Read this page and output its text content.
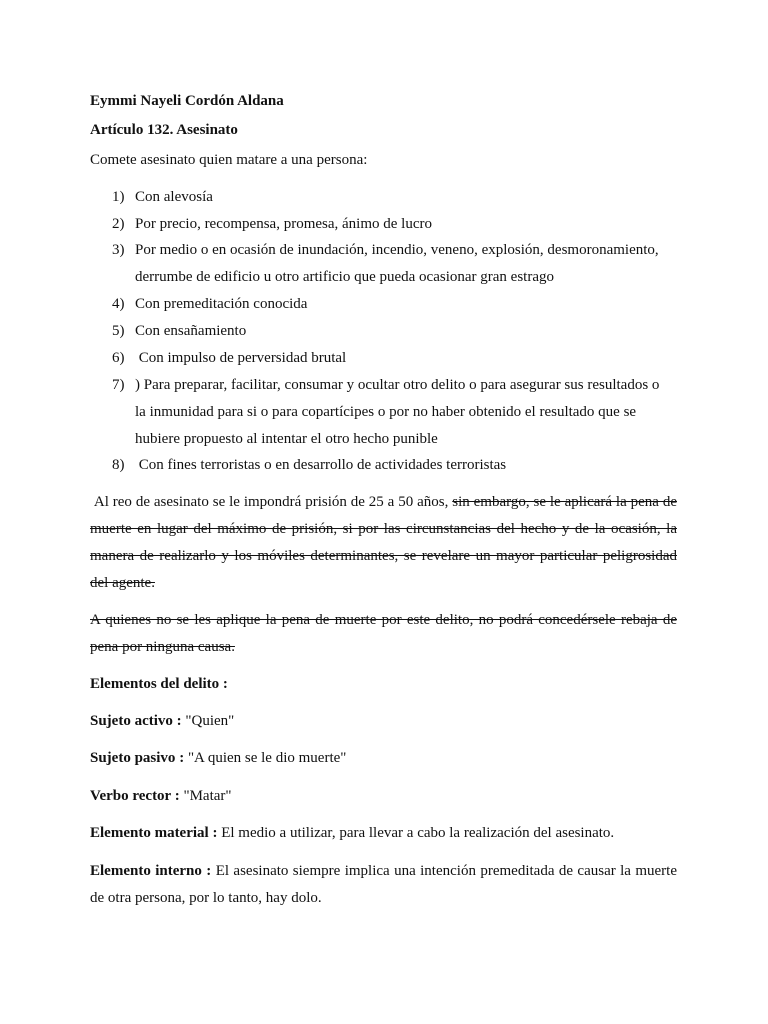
Eymmi Nayeli Cordón Aldana
Artículo 132. Asesinato
Comete asesinato quien matare a una persona:
1) Con alevosía
2) Por precio, recompensa, promesa, ánimo de lucro
3) Por medio o en ocasión de inundación, incendio, veneno, explosión, desmoronamiento,
derrumbe de edificio u otro artificio que pueda ocasionar gran estrago
4) Con premeditación conocida
5) Con ensañamiento
6) Con impulso de perversidad brutal
7) ) Para preparar, facilitar, consumar y ocultar otro delito o para asegurar sus resultados o
la inmunidad para si o para copartícipes o por no haber obtenido el resultado que se
hubiere propuesto al intentar el otro hecho punible
8) Con fines terroristas o en desarrollo de actividades terroristas
Al reo de asesinato se le impondrá prisión de 25 a 50 años, sin embargo, se le aplicará la pena de muerte en lugar del máximo de prisión, si por las circunstancias del hecho y de la ocasión, la manera de realizarlo y los móviles determinantes, se revelare un mayor particular peligrosidad del agente.
A quienes no se les aplique la pena de muerte por este delito, no podrá concedérsele rebaja de pena por ninguna causa.
Elementos del delito :
Sujeto activo : "Quien"
Sujeto pasivo : "A quien se le dio muerte"
Verbo rector : "Matar"
Elemento material : El medio a utilizar, para llevar a cabo la realización del asesinato.
Elemento interno : El asesinato siempre implica una intención premeditada de causar la muerte de otra persona, por lo tanto, hay dolo.
